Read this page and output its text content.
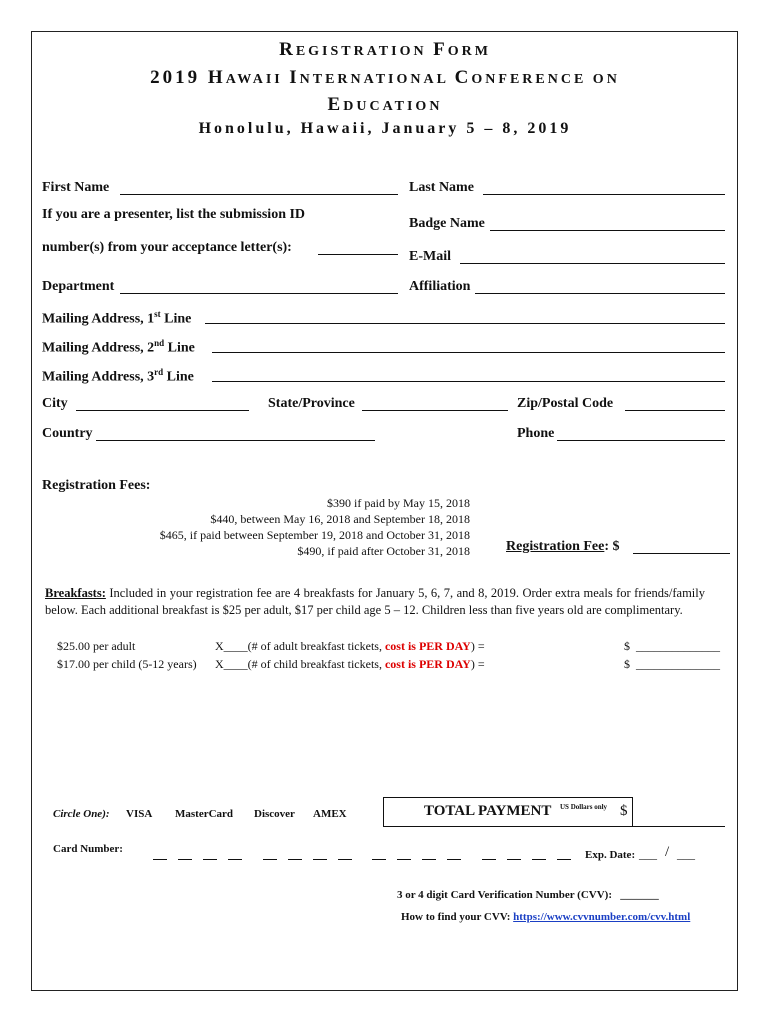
REGISTRATION FORM
2019 HAWAII INTERNATIONAL CONFERENCE ON
EDUCATION
Honolulu, Hawaii, January 5 – 8, 2019
First Name	Last Name
If you are a presenter, list the submission ID
Badge Name
number(s) from your acceptance letter(s):
E-Mail
Department	Affiliation
Mailing Address, 1st Line
Mailing Address, 2nd Line
Mailing Address, 3rd Line
City	State/Province	Zip/Postal Code
Country	Phone
Registration Fees:
$390 if paid by May 15, 2018
$440, between May 16, 2018 and September 18, 2018
$465, if paid between September 19, 2018 and October 31, 2018
$490, if paid after October 31, 2018	Registration Fee: $
Breakfasts: Included in your registration fee are 4 breakfasts for January 5, 6, 7, and 8, 2019. Order extra meals for friends/family below. Each additional breakfast is $25 per adult, $17 per child age 5 – 12. Children less than five years old are complimentary.
$25.00 per adult	X____(# of adult breakfast tickets, cost is PER DAY) =	$ ______________
$17.00 per child (5-12 years) X____(# of child breakfast tickets, cost is PER DAY) =	$ ______________
Circle One): VISA MasterCard Discover AMEX	TOTAL PAYMENT US Dollars only $
Card Number:	Exp. Date: ___ / ___
3 or 4 digit Card Verification Number (CVV): _______
How to find your CVV: https://www.cvvnumber.com/cvv.html
